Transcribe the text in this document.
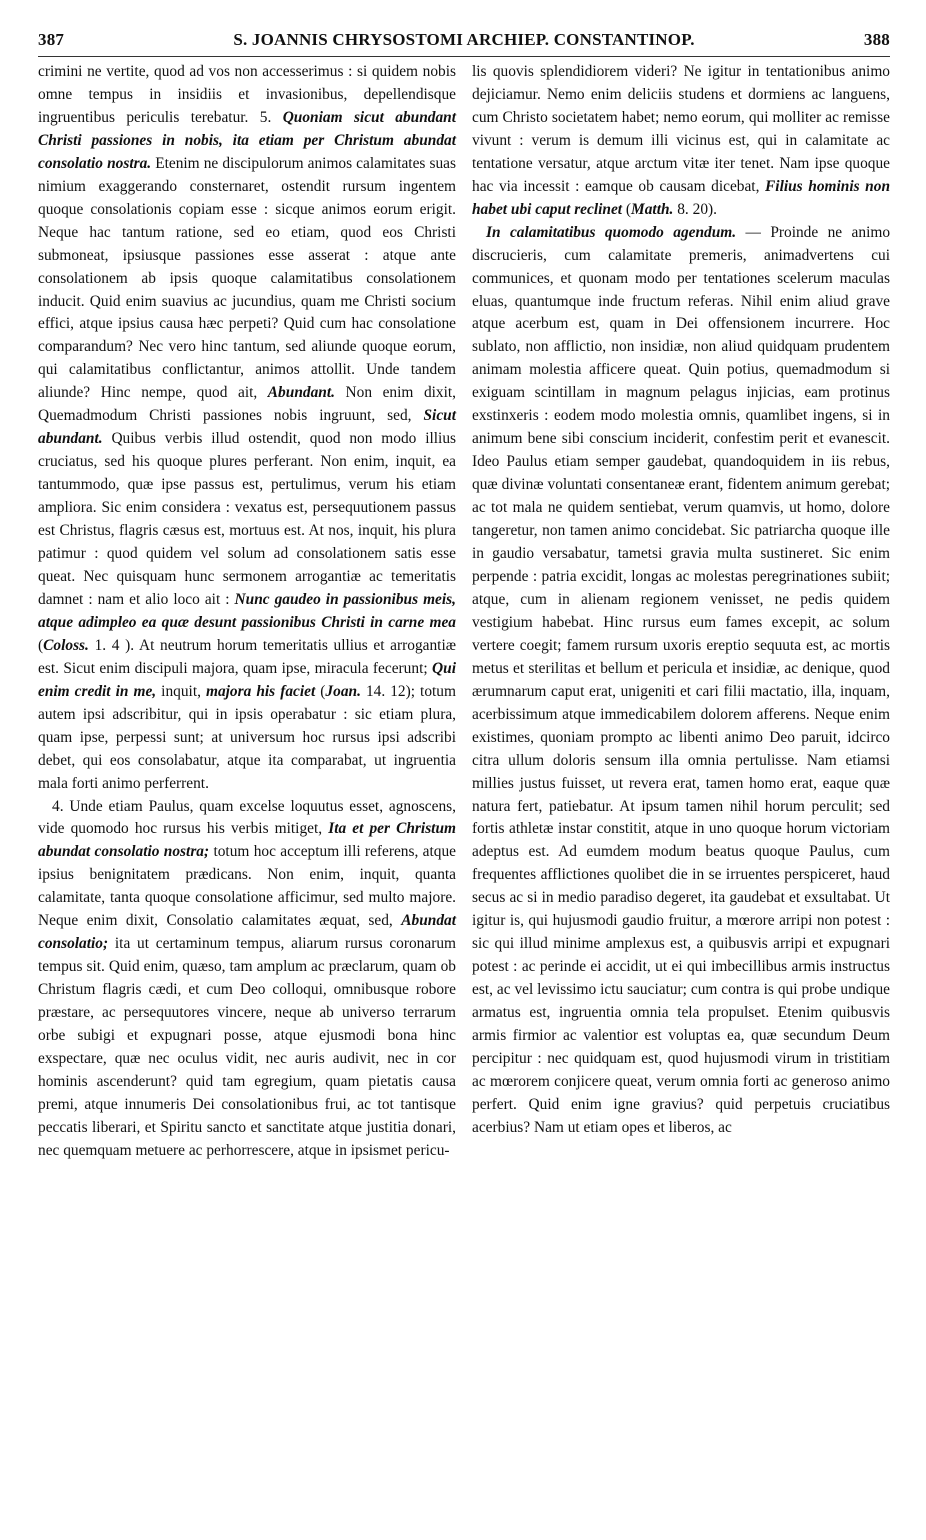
387	S. JOANNIS CHRYSOSTOMI ARCHIEP. CONSTANTINOP.	388

crimini ne vertite, quod ad vos non accesserimus : si quidem nobis omne tempus in insidiis et invasionibus, depellendisque ingruentibus periculis terebatur. 5. Quoniam sicut abundant Christi passiones in nobis, ita etiam per Christum abundat consolatio nostra. Etenim ne discipulorum animos calamitates suas nimium exaggerando consternaret, ostendit rursum ingentem quoque consolationis copiam esse : sicque animos eorum erigit. Neque hac tantum ratione, sed eo etiam, quod eos Christi submoneat, ipsiusque passiones esse asserat : atque ante consolationem ab ipsis quoque calamitatibus consolationem inducit. Quid enim suavius ac jucundius, quam me Christi socium effici, atque ipsius causa hæc perpeti? Quid cum hac consolatione comparandum? Nec vero hinc tantum, sed aliunde quoque eorum, qui calamitatibus conflictantur, animos attollit. Unde tandem aliunde? Hinc nempe, quod ait, Abundant. Non enim dixit, Quemadmodum Christi passiones nobis ingruunt, sed, Sicut abundant. Quibus verbis illud ostendit, quod non modo illius cruciatus, sed his quoque plures perferant. Non enim, inquit, ea tantummodo, quæ ipse passus est, pertulimus, verum his etiam ampliora. Sic enim considera : vexatus est, persequutionem passus est Christus, flagris cæsus est, mortuus est. At nos, inquit, his plura patimur : quod quidem vel solum ad consolationem satis esse queat. Nec quisquam hunc sermonem arrogantiæ ac temeritatis damnet : nam et alio loco ait : Nunc gaudeo in passionibus meis, atque adimpleo ea quæ desunt passionibus Christi in carne mea (Coloss. 1. 4 ). At neutrum horum temeritatis ullius et arrogantiæ est. Sicut enim discipuli majora, quam ipse, miracula fecerunt; Qui enim credit in me, inquit, majora his faciet (Joan. 14. 12); totum autem ipsi adscribitur, qui in ipsis operabatur : sic etiam plura, quam ipse, perpessi sunt; at universum hoc rursus ipsi adscribi debet, qui eos consolabatur, atque ita comparabat, ut ingruentia mala forti animo perferrent.

4. Unde etiam Paulus, quam excelse loquutus esset, agnoscens, vide quomodo hoc rursus his verbis mitiget, Ita et per Christum abundat consolatio nostra; totum hoc acceptum illi referens, atque ipsius benignitatem prædicans. Non enim, inquit, quanta calamitate, tanta quoque consolatione afficimur, sed multo majore. Neque enim dixit, Consolatio calamitates æquat, sed, Abundat consolatio; ita ut certaminum tempus, aliarum rursus coronarum tempus sit. Quid enim, quæso, tam amplum ac præclarum, quam ob Christum flagris cædi, et cum Deo colloqui, omnibusque robore præstare, ac persequutores vincere, neque ab universo terrarum orbe subigi et expugnari posse, atque ejusmodi bona hinc exspectare, quæ nec oculus vidit, nec auris audivit, nec in cor hominis ascenderunt? quid tam egregium, quam pietatis causa premi, atque innumeris Dei consolationibus frui, ac tot tantisque peccatis liberari, et Spiritu sancto et sanctitate atque justitia donari, nec quemquam metuere ac perhorrescere, atque in ipsismet pericu-

lis quovis splendidiorem videri? Ne igitur in tentationibus animo dejiciamur. Nemo enim deliciis studens et dormiens ac languens, cum Christo societatem habet; nemo eorum, qui molliter ac remisse vivunt : verum is demum illi vicinus est, qui in calamitate ac tentatione versatur, atque arctum vitæ iter tenet. Nam ipse quoque hac via incessit : eamque ob causam dicebat, Filius hominis non habet ubi caput reclinet (Matth. 8. 20).

In calamitatibus quomodo agendum. — Proinde ne animo discrucieris, cum calamitate premeris, animadvertens cui communices, et quonam modo per tentationes scelerum maculas eluas, quantumque inde fructum referas. Nihil enim aliud grave atque acerbum est, quam in Dei offensionem incurrere. Hoc sublato, non afflictio, non insidiæ, non aliud quidquam prudentem animam molestia afficere queat. Quin potius, quemadmodum si exiguam scintillam in magnum pelagus injicias, eam protinus exstinxeris : eodem modo molestia omnis, quamlibet ingens, si in animum bene sibi conscium inciderit, confestim perit et evanescit. Ideo Paulus etiam semper gaudebat, quandoquidem in iis rebus, quæ divinæ voluntati consentaneæ erant, fidentem animum gerebat; ac tot mala ne quidem sentiebat, verum quamvis, ut homo, dolore tangeretur, non tamen animo concidebat. Sic patriarcha quoque ille in gaudio versabatur, tametsi gravia multa sustineret. Sic enim perpende : patria excidit, longas ac molestas peregrinationes subiit; atque, cum in alienam regionem venisset, ne pedis quidem vestigium habebat. Hinc rursus eum fames excepit, ac solum vertere coegit; famem rursum uxoris ereptio sequuta est, ac mortis metus et sterilitas et bellum et pericula et insidiæ, ac denique, quod ærumnarum caput erat, unigeniti et cari filii mactatio, illa, inquam, acerbissimum atque immedicabilem dolorem afferens. Neque enim existimes, quoniam prompto ac libenti animo Deo paruit, idcirco citra ullum doloris sensum illa omnia pertulisse. Nam etiamsi millies justus fuisset, ut revera erat, tamen homo erat, eaque quæ natura fert, patiebatur. At ipsum tamen nihil horum perculit; sed fortis athletæ instar constitit, atque in uno quoque horum victoriam adeptus est. Ad eumdem modum beatus quoque Paulus, cum frequentes afflictiones quolibet die in se irruentes perspiceret, haud secus ac si in medio paradiso degeret, ita gaudebat et exsultabat. Ut igitur is, qui hujusmodi gaudio fruitur, a mœrore arripi non potest : sic qui illud minime amplexus est, a quibusvis arripi et expugnari potest : ac perinde ei accidit, ut ei qui imbecillibus armis instructus est, ac vel levissimo ictu sauciatur; cum contra is qui probe undique armatus est, ingruentia omnia tela propulset. Etenim quibusvis armis firmior ac valentior est voluptas ea, quæ secundum Deum percipitur : nec quidquam est, quod hujusmodi virum in tristitiam ac mœrorem conjicere queat, verum omnia forti ac generoso animo perfert. Quid enim igne gravius? quid perpetuis cruciatibus acerbius? Nam ut etiam opes et liberos, ac
